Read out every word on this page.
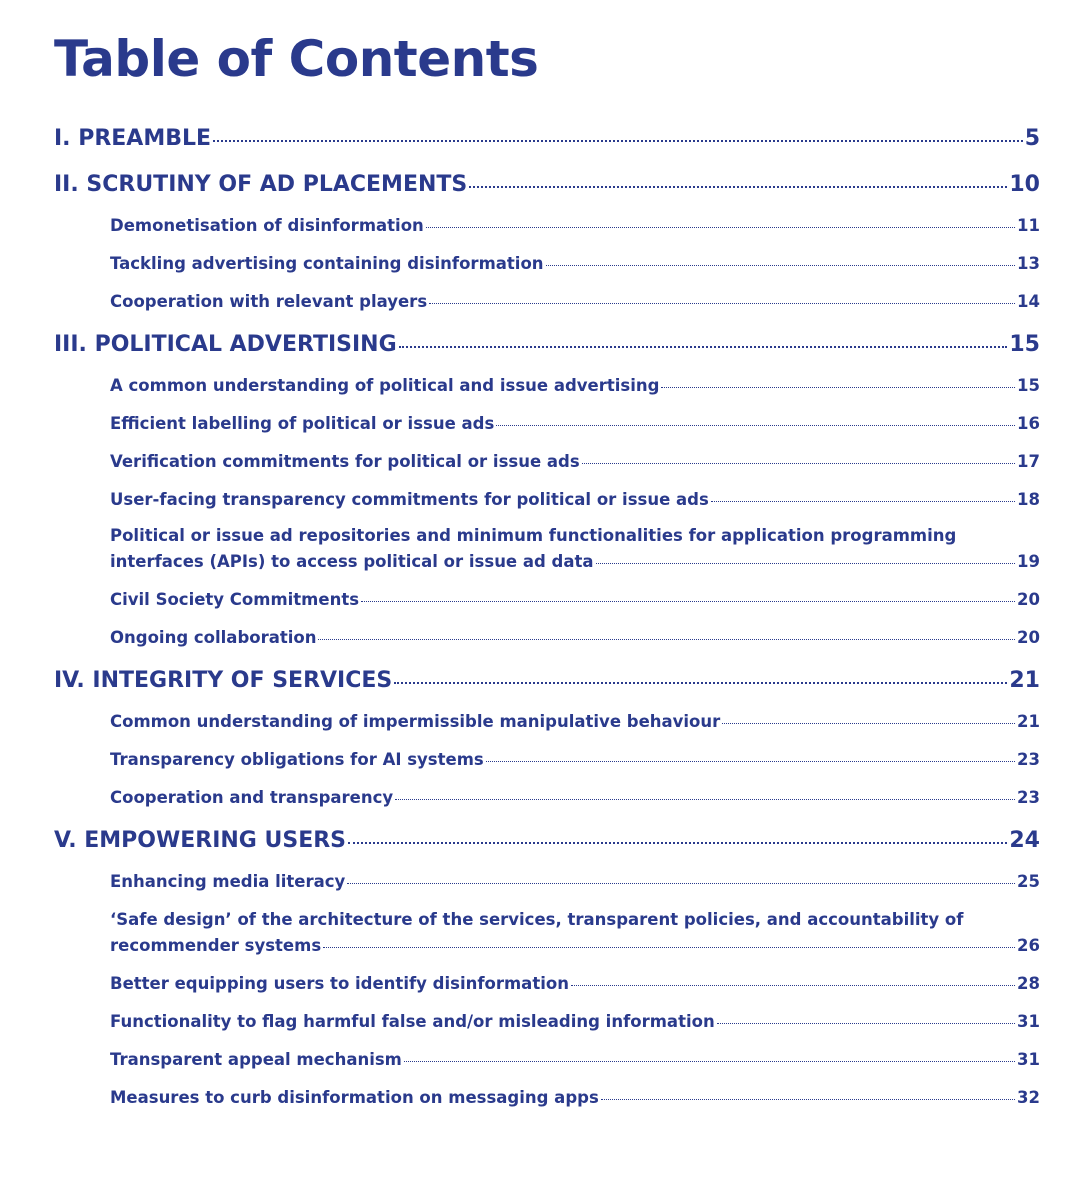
Table of Contents
I. PREAMBLE	5
II. SCRUTINY OF AD PLACEMENTS	10
Demonetisation of disinformation	11
Tackling advertising containing disinformation	13
Cooperation with relevant players	14
III. POLITICAL ADVERTISING	15
A common understanding of political and issue advertising	15
Efficient labelling of political or issue ads	16
Verification commitments for political or issue ads	17
User-facing transparency commitments for political or issue ads	18
Political or issue ad repositories and minimum functionalities for application programming
interfaces (APIs) to access political or issue ad data	19
Civil Society Commitments	20
Ongoing collaboration	20
IV. INTEGRITY OF SERVICES	21
Common understanding of impermissible manipulative behaviour	21
Transparency obligations for AI systems	23
Cooperation and transparency	23
V. EMPOWERING USERS	24
Enhancing media literacy	25
‘Safe design’ of the architecture of the services, transparent policies, and accountability of
recommender systems	26
Better equipping users to identify disinformation	28
Functionality to flag harmful false and/or misleading information	31
Transparent appeal mechanism	31
Measures to curb disinformation on messaging apps	32
